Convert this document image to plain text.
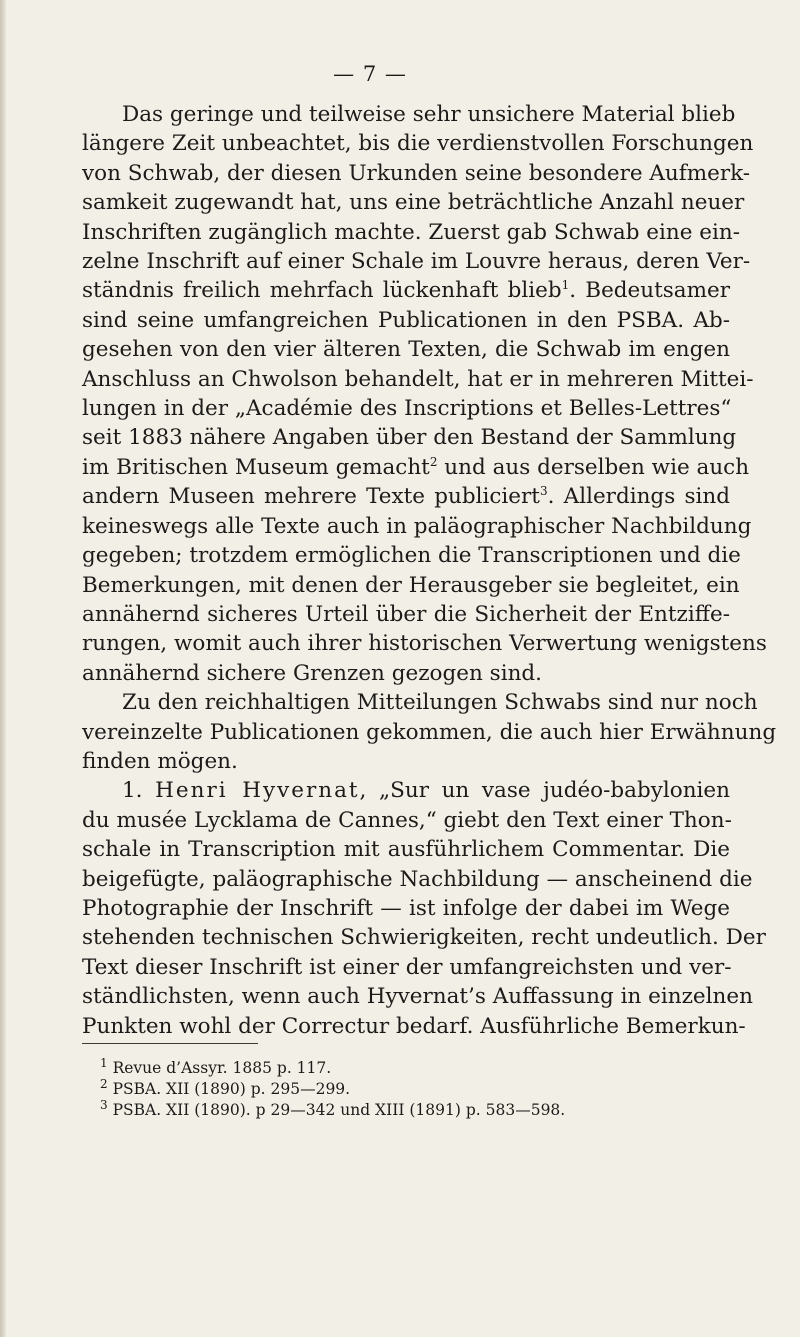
— 7 —
Das geringe und teilweise sehr unsichere Material blieb
längere Zeit unbeachtet, bis die verdienstvollen Forschungen
von Schwab, der diesen Urkunden seine besondere Aufmerk-
samkeit zugewandt hat, uns eine beträchtliche Anzahl neuer
Inschriften zugänglich machte. Zuerst gab Schwab eine ein-
zelne Inschrift auf einer Schale im Louvre heraus, deren Ver-
ständnis freilich mehrfach lückenhaft blieb$^1$. Bedeutsamer
sind seine umfangreichen Publicationen in den PSBA. Ab-
gesehen von den vier älteren Texten, die Schwab im engen
Anschluss an Chwolson behandelt, hat er in mehreren Mittei-
lungen in der „Académie des Inscriptions et Belles-Lettres“
seit 1883 nähere Angaben über den Bestand der Sammlung
im Britischen Museum gemacht$^2$ und aus derselben wie auch
andern Museen mehrere Texte publiciert$^3$. Allerdings sind
keineswegs alle Texte auch in paläographischer Nachbildung
gegeben; trotzdem ermöglichen die Transcriptionen und die
Bemerkungen, mit denen der Herausgeber sie begleitet, ein
annähernd sicheres Urteil über die Sicherheit der Entziffe-
rungen, womit auch ihrer historischen Verwertung wenigstens
annähernd sichere Grenzen gezogen sind.
Zu den reichhaltigen Mitteilungen Schwabs sind nur noch
vereinzelte Publicationen gekommen, die auch hier Erwähnung
finden mögen.
1. Henri Hyvernat, „Sur un vase judéo-babylonien
du musée Lycklama de Cannes,“ giebt den Text einer Thon-
schale in Transcription mit ausführlichem Commentar. Die
beigefügte, paläographische Nachbildung — anscheinend die
Photographie der Inschrift — ist infolge der dabei im Wege
stehenden technischen Schwierigkeiten, recht undeutlich. Der
Text dieser Inschrift ist einer der umfangreichsten und ver-
ständlichsten, wenn auch Hyvernat’s Auffassung in einzelnen
Punkten wohl der Correctur bedarf. Ausführliche Bemerkun-
$^1$ Revue d’Assyr. 1885 p. 117.
$^2$ PSBA. XII (1890) p. 295—299.
$^3$ PSBA. XII (1890). p 29—342 und XIII (1891) p. 583—598.
